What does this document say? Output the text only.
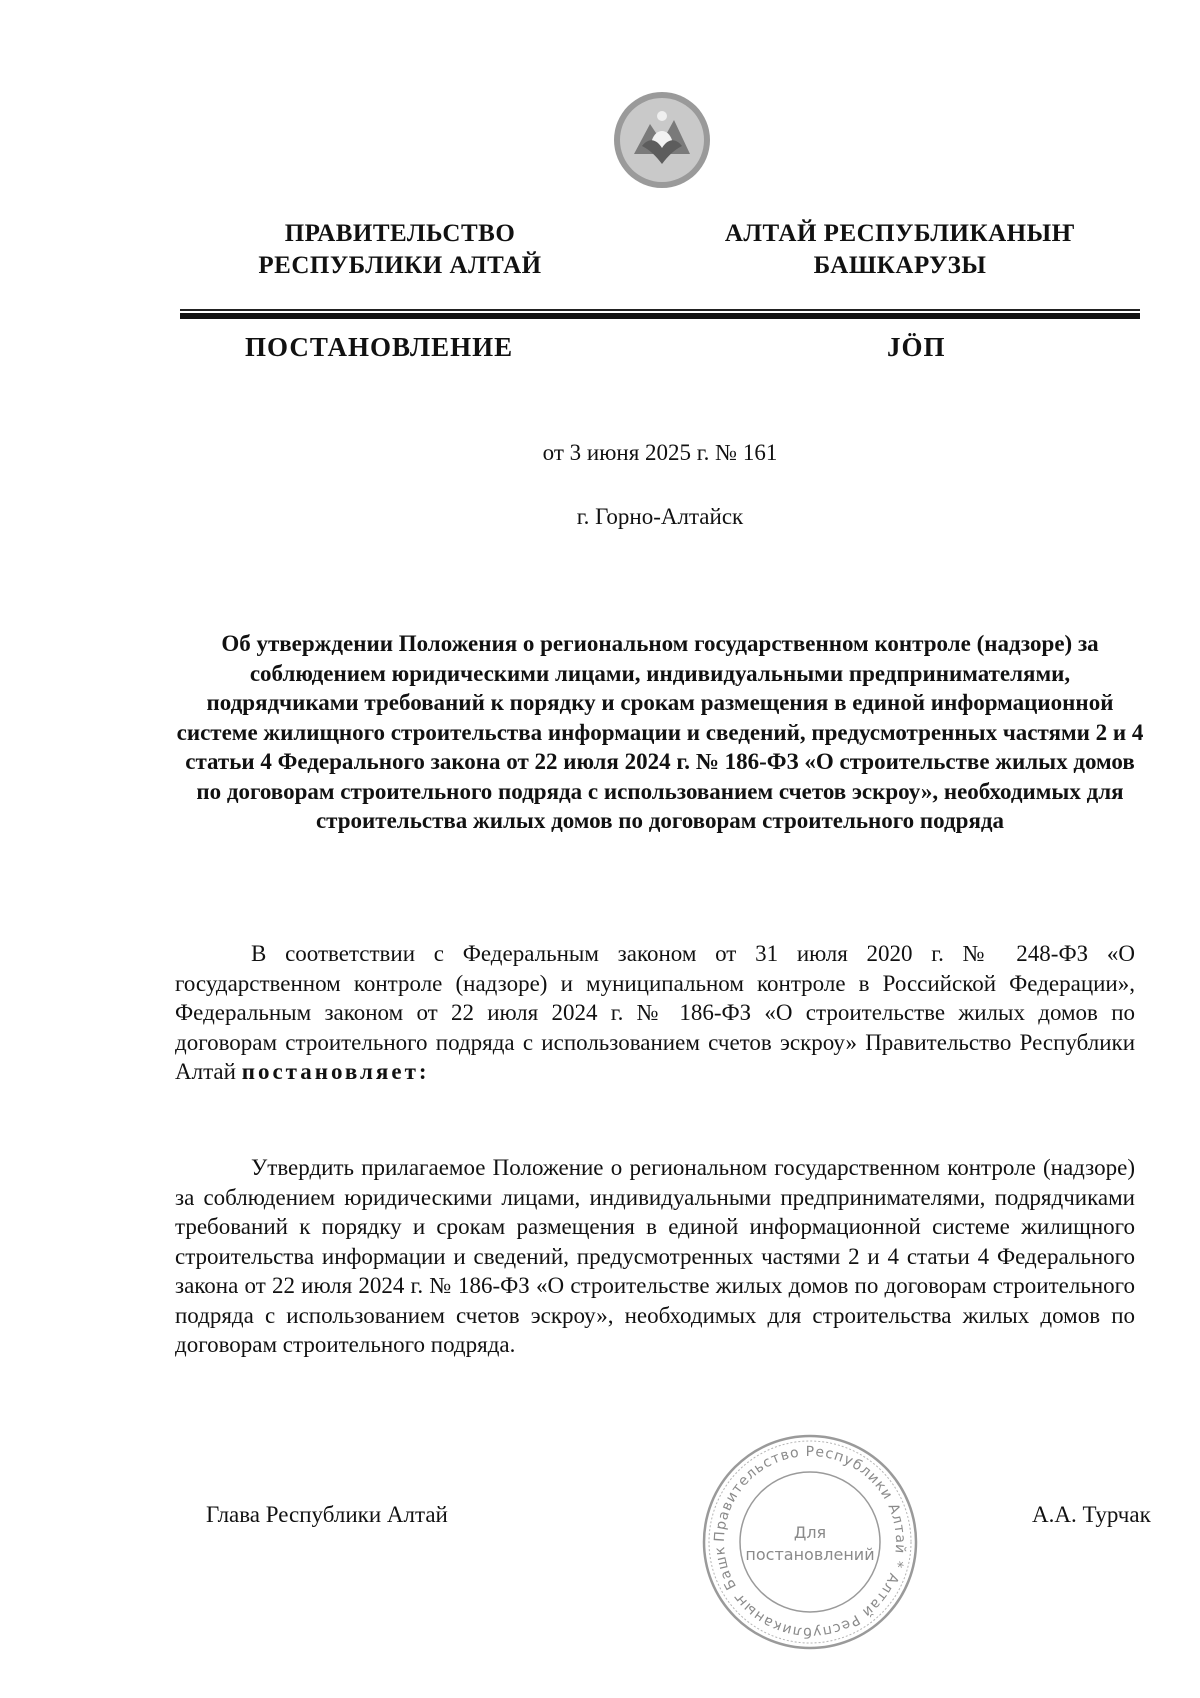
ПРАВИТЕЛЬСТВО
РЕСПУБЛИКИ АЛТАЙ
АЛТАЙ РЕСПУБЛИКАНЫҤ
БАШКАРУЗЫ
ПОСТАНОВЛЕНИЕ	JӦП
от 3 июня 2025 г. № 161
г. Горно-Алтайск
Об утверждении Положения о региональном государственном контроле (надзоре) за соблюдением юридическими лицами, индивидуальными предпринимателями, подрядчиками требований к порядку и срокам размещения в единой информационной системе жилищного строительства информации и сведений, предусмотренных частями 2 и 4 статьи 4 Федерального закона от 22 июля 2024 г. № 186-ФЗ «О строительстве жилых домов по договорам строительного подряда с использованием счетов эскроу», необходимых для строительства жилых домов по договорам строительного подряда
В соответствии с Федеральным законом от 31 июля 2020 г. № 248-ФЗ «О государственном контроле (надзоре) и муниципальном контроле в Российской Федерации», Федеральным законом от 22 июля 2024 г. № 186-ФЗ «О строительстве жилых домов по договорам строительного подряда с использованием счетов эскроу» Правительство Республики Алтай постановляет:
Утвердить прилагаемое Положение о региональном государственном контроле (надзоре) за соблюдением юридическими лицами, индивидуальными предпринимателями, подрядчиками требований к порядку и срокам размещения в единой информационной системе жилищного строительства информации и сведений, предусмотренных частями 2 и 4 статьи 4 Федерального закона от 22 июля 2024 г. № 186-ФЗ «О строительстве жилых домов по договорам строительного подряда с использованием счетов эскроу», необходимых для строительства жилых домов по договорам строительного подряда.
Глава Республики Алтай	А.А. Турчак
Правительство Республики Алтай * Алтай Республиканыҥ Башк
Для
постановлений
